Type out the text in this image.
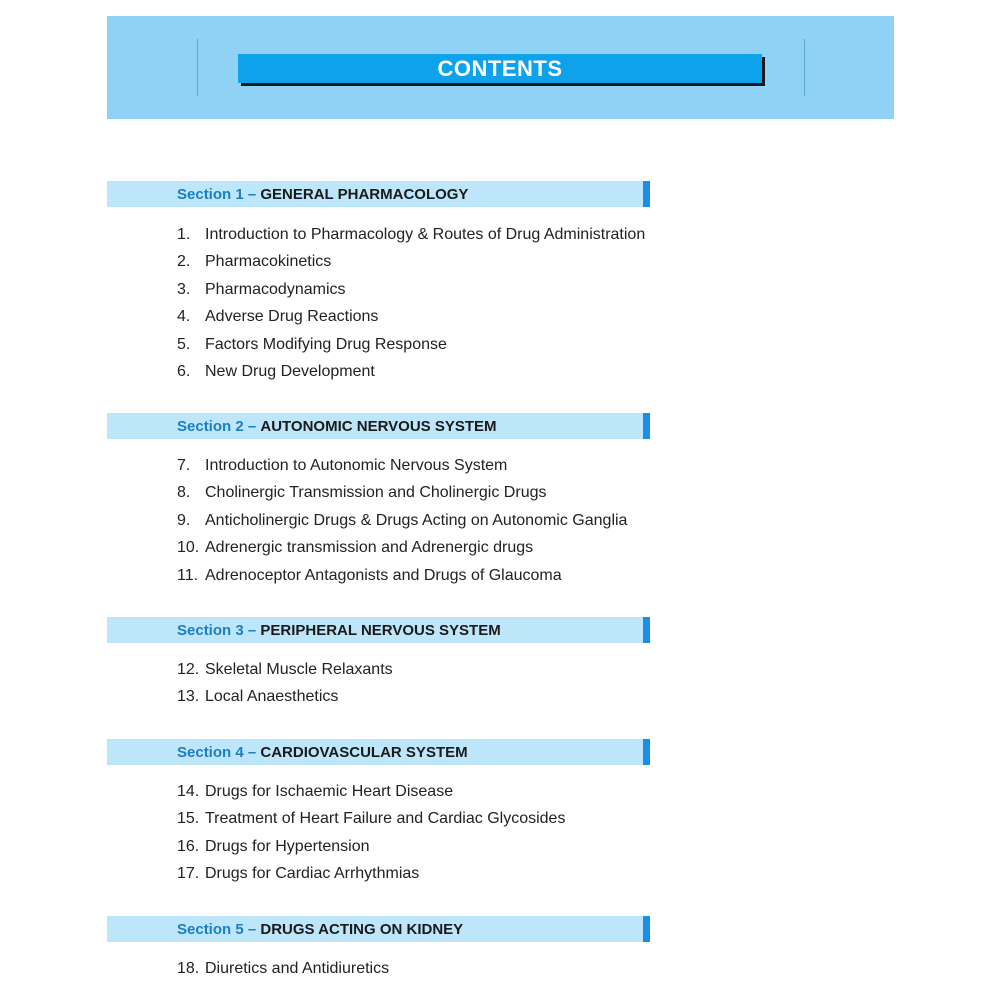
CONTENTS
Section 1 – GENERAL PHARMACOLOGY
1. Introduction to Pharmacology & Routes of Drug Administration
2. Pharmacokinetics
3. Pharmacodynamics
4. Adverse Drug Reactions
5. Factors Modifying Drug Response
6. New Drug Development
Section 2 – AUTONOMIC NERVOUS SYSTEM
7. Introduction to Autonomic Nervous System
8. Cholinergic Transmission and Cholinergic Drugs
9. Anticholinergic Drugs & Drugs Acting on Autonomic Ganglia
10. Adrenergic transmission and Adrenergic drugs
11. Adrenoceptor Antagonists and Drugs of Glaucoma
Section 3 – PERIPHERAL NERVOUS SYSTEM
12. Skeletal Muscle Relaxants
13. Local Anaesthetics
Section 4 – CARDIOVASCULAR SYSTEM
14. Drugs for Ischaemic Heart Disease
15. Treatment of Heart Failure and Cardiac Glycosides
16. Drugs for Hypertension
17. Drugs for Cardiac Arrhythmias
Section 5 – DRUGS ACTING ON KIDNEY
18. Diuretics and Antidiuretics
